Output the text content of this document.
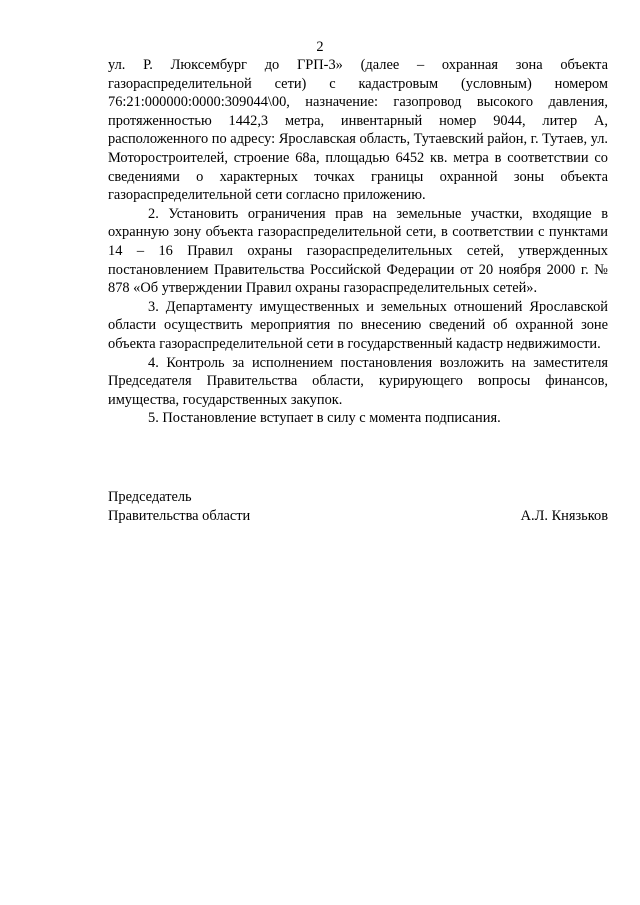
2

ул. Р. Люксембург до ГРП-3» (далее – охранная зона объекта газораспределительной сети) с кадастровым (условным) номером 76:21:000000:0000:309044\00, назначение: газопровод высокого давления, протяженностью 1442,3 метра, инвентарный номер 9044, литер А, расположенного по адресу: Ярославская область, Тутаевский район, г. Тутаев, ул. Моторостроителей, строение 68а, площадью 6452 кв. метра в соответствии со сведениями о характерных точках границы охранной зоны объекта газораспределительной сети согласно приложению.

2. Установить ограничения прав на земельные участки, входящие в охранную зону объекта газораспределительной сети, в соответствии с пунктами 14 – 16 Правил охраны газораспределительных сетей, утвержденных постановлением Правительства Российской Федерации от 20 ноября 2000 г. № 878 «Об утверждении Правил охраны газораспределительных сетей».

3. Департаменту имущественных и земельных отношений Ярославской области осуществить мероприятия по внесению сведений об охранной зоне объекта газораспределительной сети в государственный кадастр недвижимости.

4. Контроль за исполнением постановления возложить на заместителя Председателя Правительства области, курирующего вопросы финансов, имущества, государственных закупок.

5. Постановление вступает в силу с момента подписания.

Председатель
Правительства области	А.Л. Князьков
